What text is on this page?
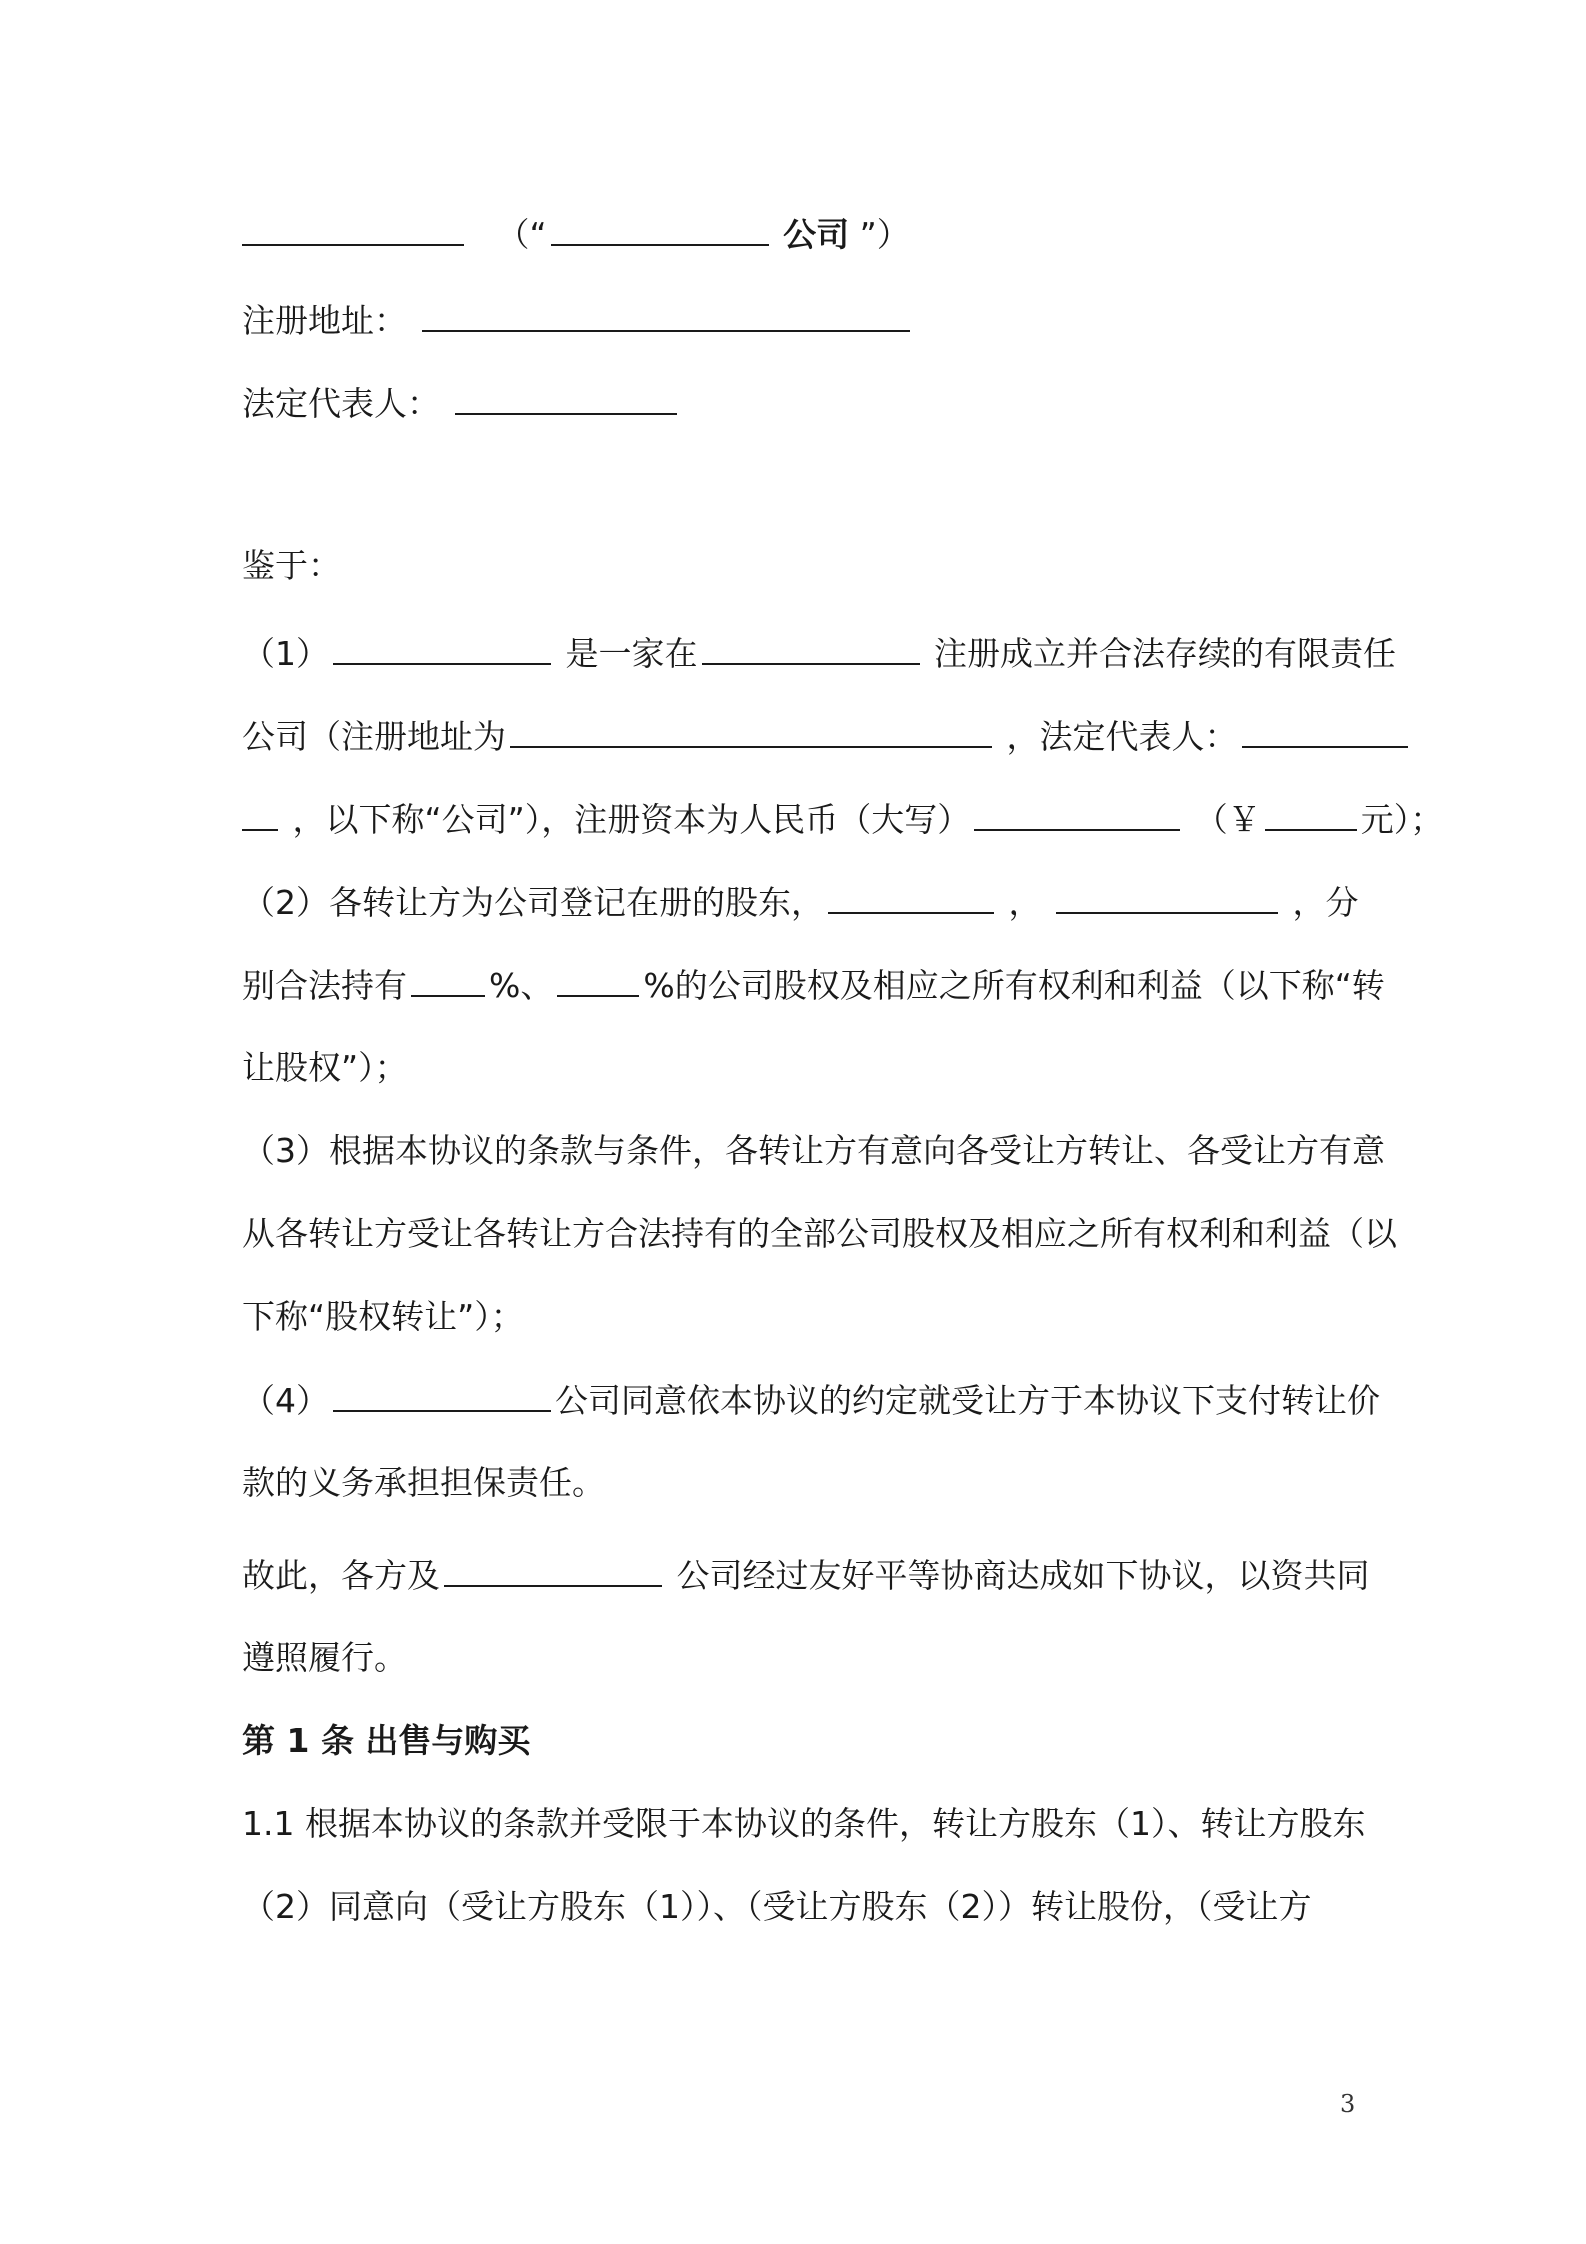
（“	公司 ”）
注册地址：
法定代表人：
鉴于：
（1）	是一家在	注册成立并合法存续的有限责任
公司（注册地址为	，法定代表人：
，以下称“公司”），注册资本为人民币（大写）	（￥	元）；
（2）各转让方为公司登记在册的股东，	，	，分
别合法持有 %、	%的公司股权及相应之所有权利和利益（以下称“转
让股权”）；
（3）根据本协议的条款与条件，各转让方有意向各受让方转让、各受让方有意
从各转让方受让各转让方合法持有的全部公司股权及相应之所有权利和利益（以
下称“股权转让”）；
（4）	公司同意依本协议的约定就受让方于本协议下支付转让价
款的义务承担担保责任。
故此，各方及	公司经过友好平等协商达成如下协议，以资共同
遵照履行。
第 1 条 出售与购买
1.1 根据本协议的条款并受限于本协议的条件，转让方股东（1）、转让方股东
（2）同意向（受让方股东（1））、（受让方股东（2））转让股份，（受让方
3
